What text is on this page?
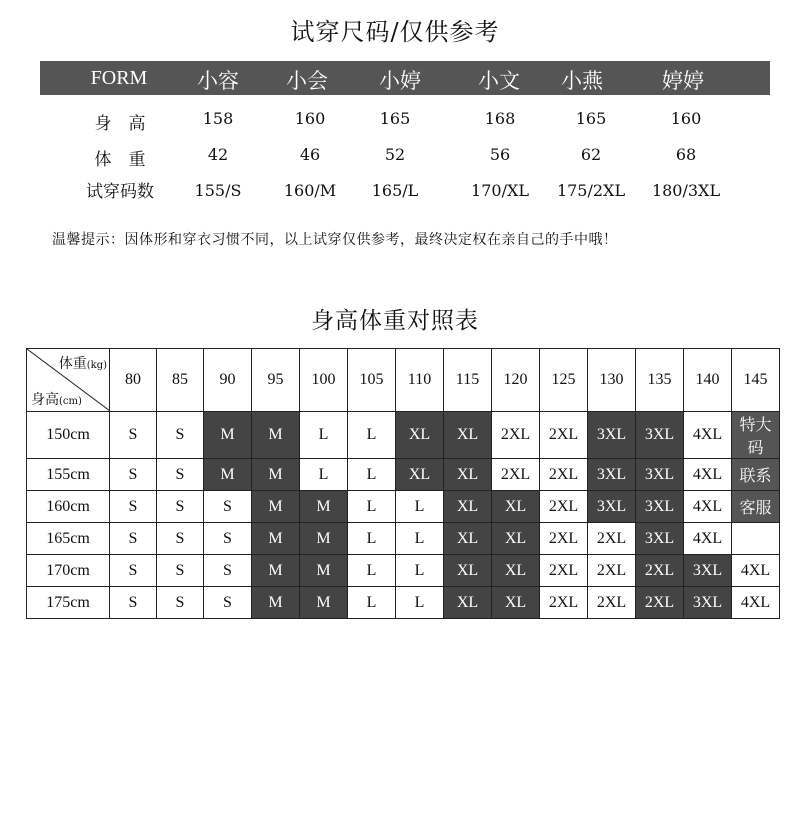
试穿尺码/仅供参考
FORM 小容 小会 小婷	小文 小燕	婷婷
身　高	158	160	165	168	165	160
体　重	42	46	52	56	62	68
试穿码数	155/S	160/M 165/L	170/XL 175/2XL 180/3XL
温馨提示：因体形和穿衣习惯不同，以上试穿仅供参考，最终决定权在亲自己的手中哦！
身高体重对照表
体重(kg)
身高(cm)	80	85	90	95	100	105	110	115	120	125	130	135	140	145
150cm	S	S	M	M	L	L	XL	XL	2XL	2XL	3XL	3XL	4XL	特大码
155cm	S	S	M	M	L	L	XL	XL	2XL	2XL	3XL	3XL	4XL	联系
160cm	S	S	S	M	M	L	L	XL	XL	2XL	3XL	3XL	4XL	客服
165cm	S	S	S	M	M	L	L	XL	XL	2XL	2XL	3XL	4XL	
170cm	S	S	S	M	M	L	L	XL	XL	2XL	2XL	2XL	3XL	4XL
175cm	S	S	S	M	M	L	L	XL	XL	2XL	2XL	2XL	3XL	4XL
